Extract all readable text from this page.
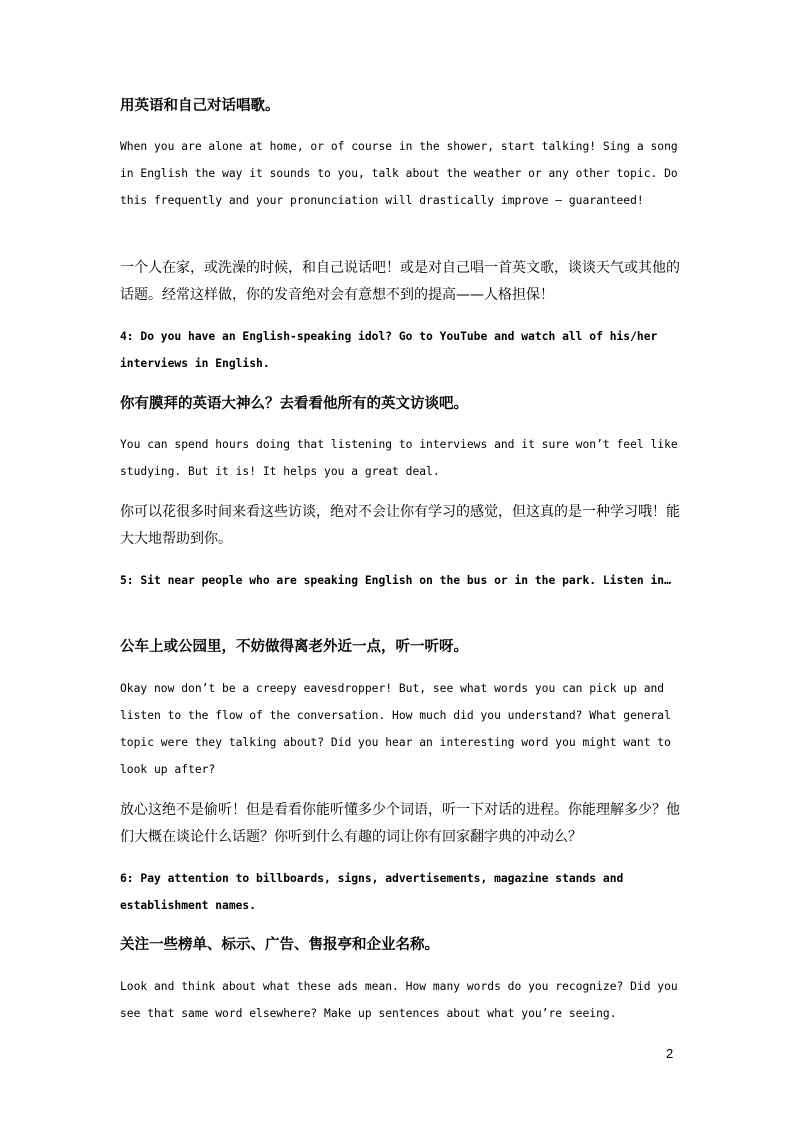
用英语和自己对话唱歌。

When you are alone at home, or of course in the shower, start talking! Sing a song in English the way it sounds to you, talk about the weather or any other topic. Do this frequently and your pronunciation will drastically improve – guaranteed!

一个人在家，或洗澡的时候，和自己说话吧！或是对自己唱一首英文歌，谈谈天气或其他的话题。经常这样做，你的发音绝对会有意想不到的提高——人格担保！

4: Do you have an English-speaking idol? Go to YouTube and watch all of his/her interviews in English.

你有膜拜的英语大神么？去看看他所有的英文访谈吧。

You can spend hours doing that listening to interviews and it sure won’t feel like studying. But it is! It helps you a great deal.

你可以花很多时间来看这些访谈，绝对不会让你有学习的感觉，但这真的是一种学习哦！能大大地帮助到你。

5: Sit near people who are speaking English on the bus or in the park. Listen in…

公车上或公园里，不妨做得离老外近一点，听一听呀。

Okay now don’t be a creepy eavesdropper! But, see what words you can pick up and listen to the flow of the conversation. How much did you understand? What general topic were they talking about? Did you hear an interesting word you might want to look up after?

放心这绝不是偷听！但是看看你能听懂多少个词语，听一下对话的进程。你能理解多少？他们大概在谈论什么话题？你听到什么有趣的词让你有回家翻字典的冲动么？

6: Pay attention to billboards, signs, advertisements, magazine stands and establishment names.

关注一些榜单、标示、广告、售报亭和企业名称。

Look and think about what these ads mean. How many words do you recognize? Did you see that same word elsewhere? Make up sentences about what you’re seeing.

2
